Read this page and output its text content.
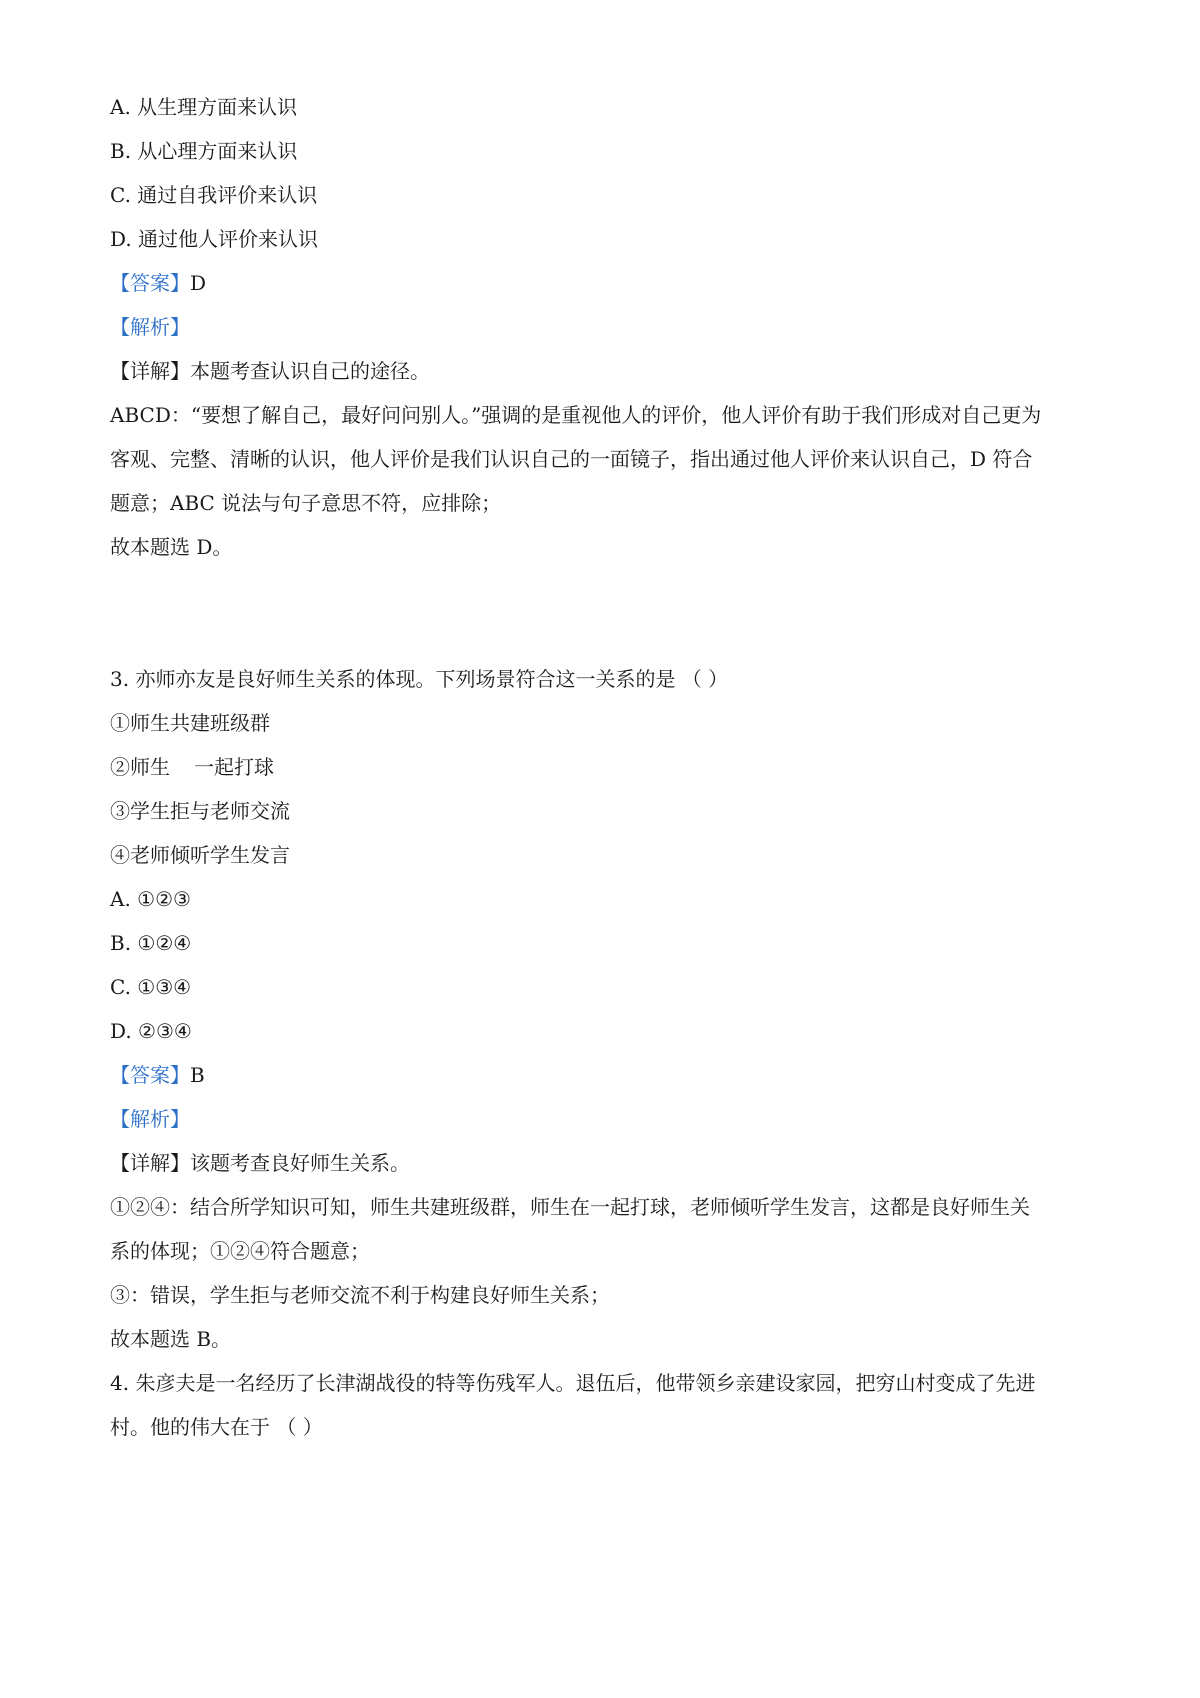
A. 从生理方面来认识
B. 从心理方面来认识
C. 通过自我评价来认识
D. 通过他人评价来认识
【答案】D
【解析】
【详解】本题考查认识自己的途径。
ABCD：“要想了解自己，最好问问别人。”强调的是重视他人的评价，他人评价有助于我们形成对自己更为
客观、完整、清晰的认识，他人评价是我们认识自己的一面镜子，指出通过他人评价来认识自己，D 符合
题意；ABC 说法与句子意思不符，应排除；
故本题选 D。
3. 亦师亦友是良好师生关系的体现。下列场景符合这一关系的是 （ ）
①师生共建班级群
②师生 一起打球
③学生拒与老师交流
④老师倾听学生发言
A. ①②③
B. ①②④
C. ①③④
D. ②③④
【答案】B
【解析】
【详解】该题考查良好师生关系。
①②④：结合所学知识可知，师生共建班级群，师生在一起打球，老师倾听学生发言，这都是良好师生关
系的体现；①②④符合题意；
③：错误，学生拒与老师交流不利于构建良好师生关系；
故本题选 B。
4. 朱彦夫是一名经历了长津湖战役的特等伤残军人。退伍后，他带领乡亲建设家园，把穷山村变成了先进
村。他的伟大在于 （ ）
